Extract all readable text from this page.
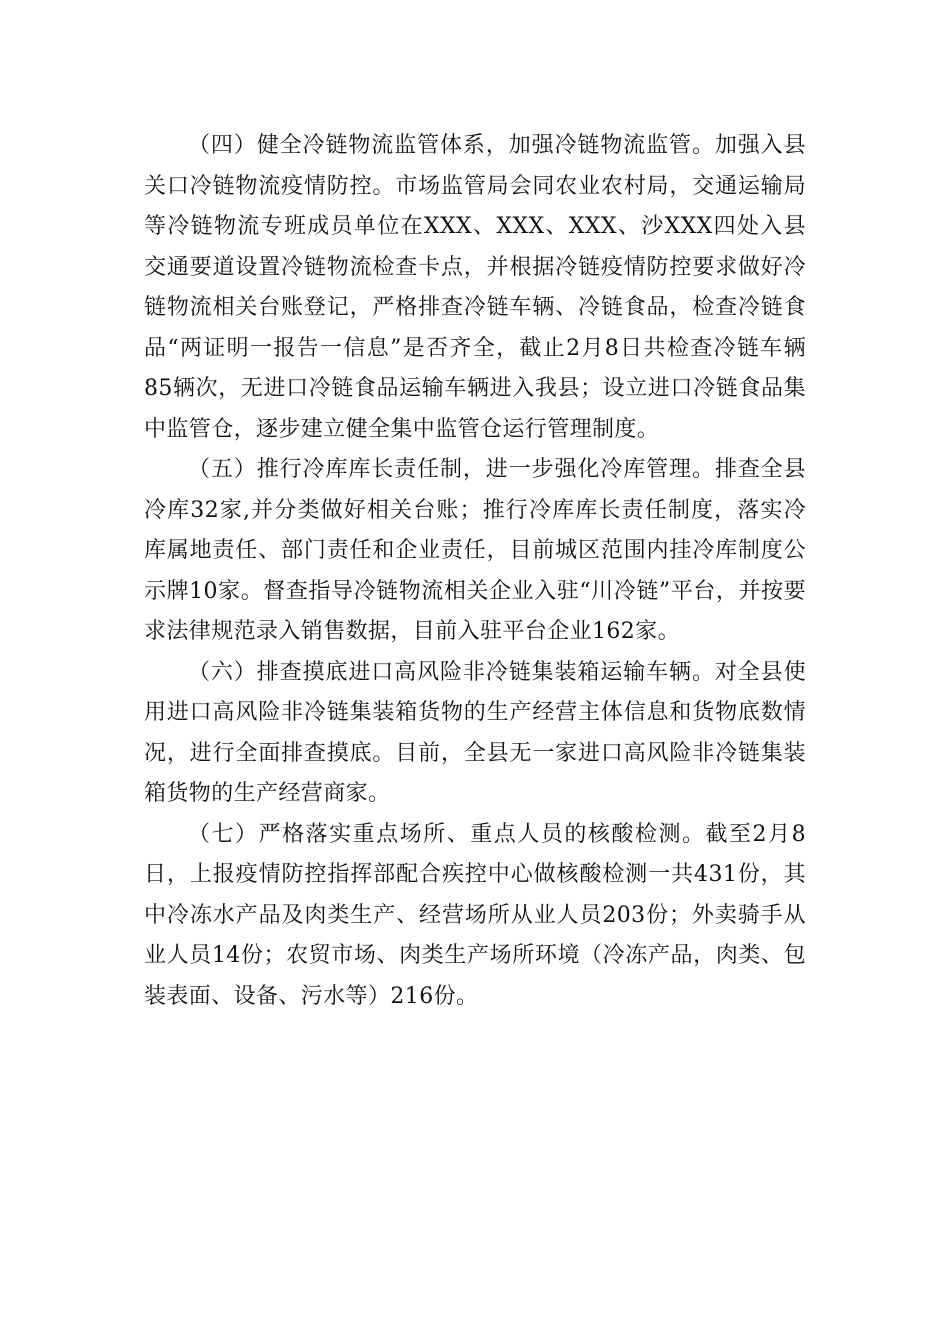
（四）健全冷链物流监管体系，加强冷链物流监管。加强入县关口冷链物流疫情防控。市场监管局会同农业农村局，交通运输局等冷链物流专班成员单位在XXX、XXX、XXX、沙XXX四处入县交通要道设置冷链物流检查卡点，并根据冷链疫情防控要求做好冷链物流相关台账登记，严格排查冷链车辆、冷链食品，检查冷链食品“两证明一报告一信息”是否齐全，截止2月8日共检查冷链车辆85辆次，无进口冷链食品运输车辆进入我县；设立进口冷链食品集中监管仓，逐步建立健全集中监管仓运行管理制度。

（五）推行冷库库长责任制，进一步强化冷库管理。排查全县冷库32家,并分类做好相关台账；推行冷库库长责任制度，落实冷库属地责任、部门责任和企业责任，目前城区范围内挂冷库制度公示牌10家。督查指导冷链物流相关企业入驻“川冷链”平台，并按要求法律规范录入销售数据，目前入驻平台企业162家。

（六）排查摸底进口高风险非冷链集装箱运输车辆。对全县使用进口高风险非冷链集装箱货物的生产经营主体信息和货物底数情况，进行全面排查摸底。目前，全县无一家进口高风险非冷链集装箱货物的生产经营商家。

（七）严格落实重点场所、重点人员的核酸检测。截至2月8日，上报疫情防控指挥部配合疾控中心做核酸检测一共431份，其中冷冻水产品及肉类生产、经营场所从业人员203份；外卖骑手从业人员14份；农贸市场、肉类生产场所环境（冷冻产品，肉类、包装表面、设备、污水等）216份。
